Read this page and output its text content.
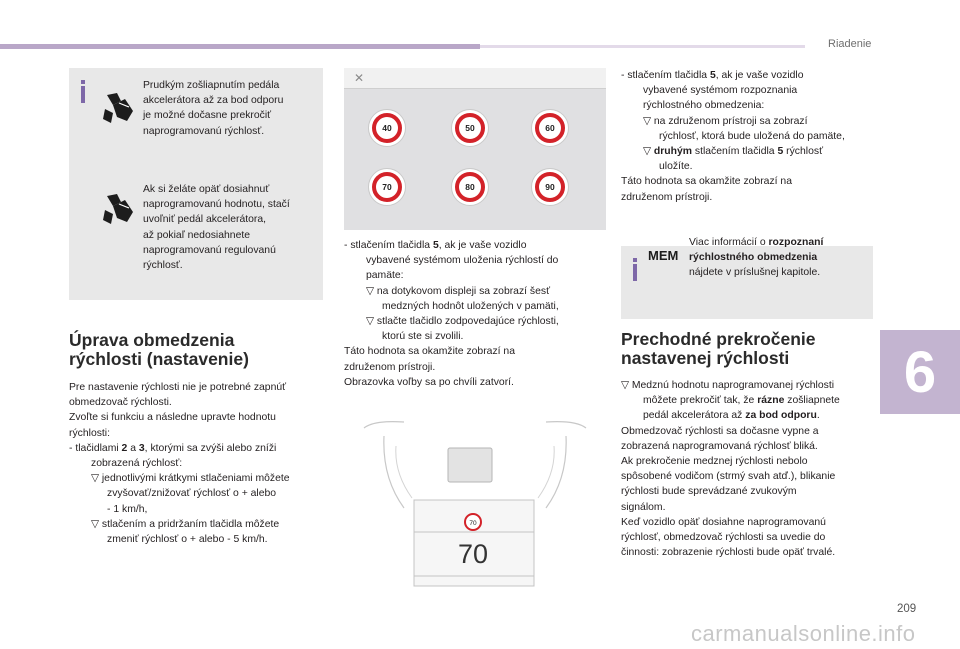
Riadenie
Prudkým zošliapnutím pedála
akcelerátora až za bod odporu
je možné dočasne prekročiť
naprogramovanú rýchlosť.
Ak si želáte opäť dosiahnuť
naprogramovanú hodnotu, stačí
uvoľniť pedál akcelerátora,
až pokiaľ nedosiahnete
naprogramovanú regulovanú
rýchlosť.
Úprava obmedzenia
rýchlosti (nastavenie)
Pre nastavenie rýchlosti nie je potrebné zapnúť
obmedzovač rýchlosti.
Zvoľte si funkciu a následne upravte hodnotu
rýchlosti:
- tlačidlami 2 a 3, ktorými sa zvýši alebo zníži
zobrazená rýchlosť:
▽ jednotlivými krátkymi stlačeniami môžete
zvyšovať/znižovať rýchlosť o + alebo
- 1 km/h,
▽ stlačením a pridržaním tlačidla môžete
zmeniť rýchlosť o + alebo - 5 km/h.
✕
40	50	60
70	80	90
- stlačením tlačidla 5, ak je vaše vozidlo
vybavené systémom uloženia rýchlostí do
pamäte:
▽ na dotykovom displeji sa zobrazí šesť
medzných hodnôt uložených v pamäti,
▽ stlačte tlačidlo zodpovedajúce rýchlosti,
ktorú ste si zvolili.
Táto hodnota sa okamžite zobrazí na
združenom prístroji.
Obrazovka voľby sa po chvíli zatvorí.
70
70
- stlačením tlačidla 5, ak je vaše vozidlo
vybavené systémom rozpoznania
rýchlostného obmedzenia:
▽ na združenom prístroji sa zobrazí
rýchlosť, ktorá bude uložená do pamäte,
▽ druhým stlačením tlačidla 5 rýchlosť
uložíte.
Táto hodnota sa okamžite zobrazí na
združenom prístroji.
MEM
Viac informácií o rozpoznaní
rýchlostného obmedzenia
nájdete v príslušnej kapitole.
Prechodné prekročenie
nastavenej rýchlosti
▽ Medznú hodnotu naprogramovanej rýchlosti
môžete prekročiť tak, že rázne zošliapnete
pedál akcelerátora až za bod odporu.
Obmedzovač rýchlosti sa dočasne vypne a
zobrazená naprogramovaná rýchlosť bliká.
Ak prekročenie medznej rýchlosti nebolo
spôsobené vodičom (strmý svah atď.), blikanie
rýchlosti bude sprevádzané zvukovým
signálom.
Keď vozidlo opäť dosiahne naprogramovanú
rýchlosť, obmedzovač rýchlosti sa uvedie do
činnosti: zobrazenie rýchlosti bude opäť trvalé.
6
209
carmanualsonline.info
